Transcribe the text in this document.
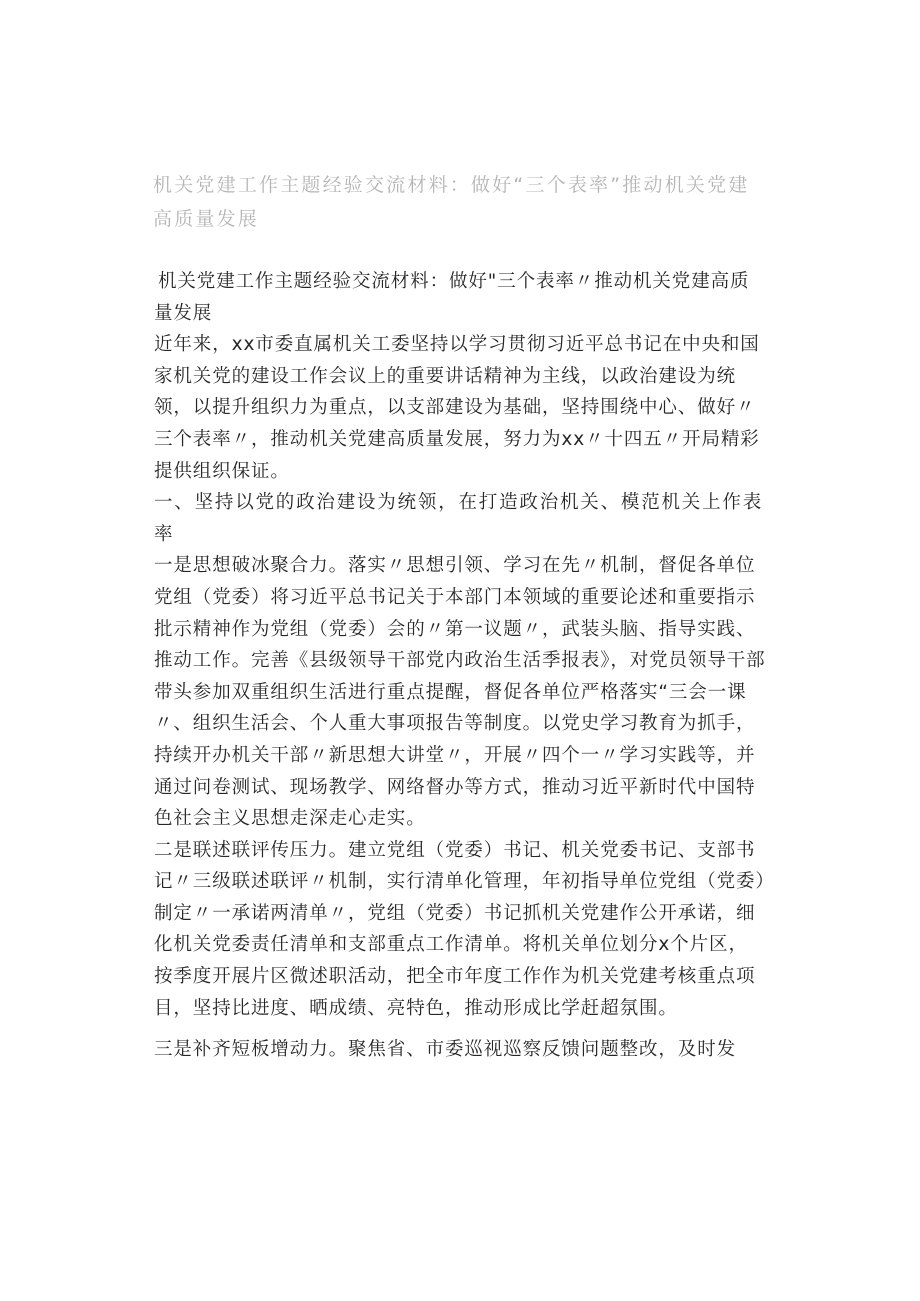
机关党建工作主题经验交流材料：做好“三个表率”推动机关党建高质量发展

机关党建工作主题经验交流材料：做好"三个表率〃推动机关党建高质量发展

近年来，xx市委直属机关工委坚持以学习贯彻习近平总书记在中央和国家机关党的建设工作会议上的重要讲话精神为主线，以政治建设为统领，以提升组织力为重点，以支部建设为基础，坚持围绕中心、做好〃三个表率〃，推动机关党建高质量发展，努力为xx〃十四五〃开局精彩提供组织保证。

一、坚持以党的政治建设为统领，在打造政治机关、模范机关上作表率

一是思想破冰聚合力。落实〃思想引领、学习在先〃机制，督促各单位党组（党委）将习近平总书记关于本部门本领域的重要论述和重要指示批示精神作为党组（党委）会的〃第一议题〃，武装头脑、指导实践、推动工作。完善《县级领导干部党内政治生活季报表》，对党员领导干部带头参加双重组织生活进行重点提醒，督促各单位严格落实“三会一课〃、组织生活会、个人重大事项报告等制度。以党史学习教育为抓手，持续开办机关干部〃新思想大讲堂〃，开展〃四个一〃学习实践等，并通过问卷测试、现场教学、网络督办等方式，推动习近平新时代中国特色社会主义思想走深走心走实。

二是联述联评传压力。建立党组（党委）书记、机关党委书记、支部书记〃三级联述联评〃机制，实行清单化管理，年初指导单位党组（党委）制定〃一承诺两清单〃，党组（党委）书记抓机关党建作公开承诺，细化机关党委责任清单和支部重点工作清单。将机关单位划分x个片区，按季度开展片区微述职活动，把全市年度工作作为机关党建考核重点项目，坚持比进度、晒成绩、亮特色，推动形成比学赶超氛围。

三是补齐短板增动力。聚焦省、市委巡视巡察反馈问题整改，及时发
